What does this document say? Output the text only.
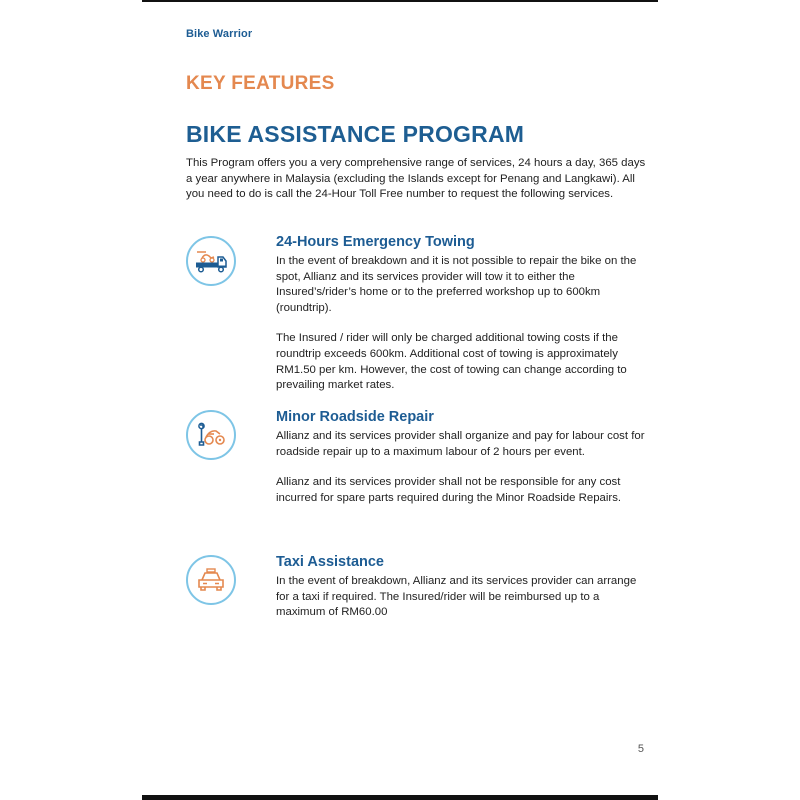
Bike Warrior
KEY FEATURES
BIKE ASSISTANCE PROGRAM
This Program offers you a very comprehensive range of services, 24 hours a day, 365 days a year anywhere in Malaysia (excluding the Islands except for Penang and Langkawi). All you need to do is call the 24-Hour Toll Free number to request the following services.
24-Hours Emergency Towing

In the event of breakdown and it is not possible to repair the bike on the spot, Allianz and its services provider will tow it to either the Insured’s/rider’s home or to the preferred workshop up to 600km (roundtrip).

The Insured / rider will only be charged additional towing costs if the roundtrip exceeds 600km. Additional cost of towing is approximately RM1.50 per km. However, the cost of towing can change according to prevailing market rates.

Minor Roadside Repair

Allianz and its services provider shall organize and pay for labour cost for roadside repair up to a maximum labour of 2 hours per event.

Allianz and its services provider shall not be responsible for any cost incurred for spare parts required during the Minor Roadside Repairs.

Taxi Assistance

In the event of breakdown, Allianz and its services provider can arrange for a taxi if required. The Insured/rider will be reimbursed up to a maximum of RM60.00

5
